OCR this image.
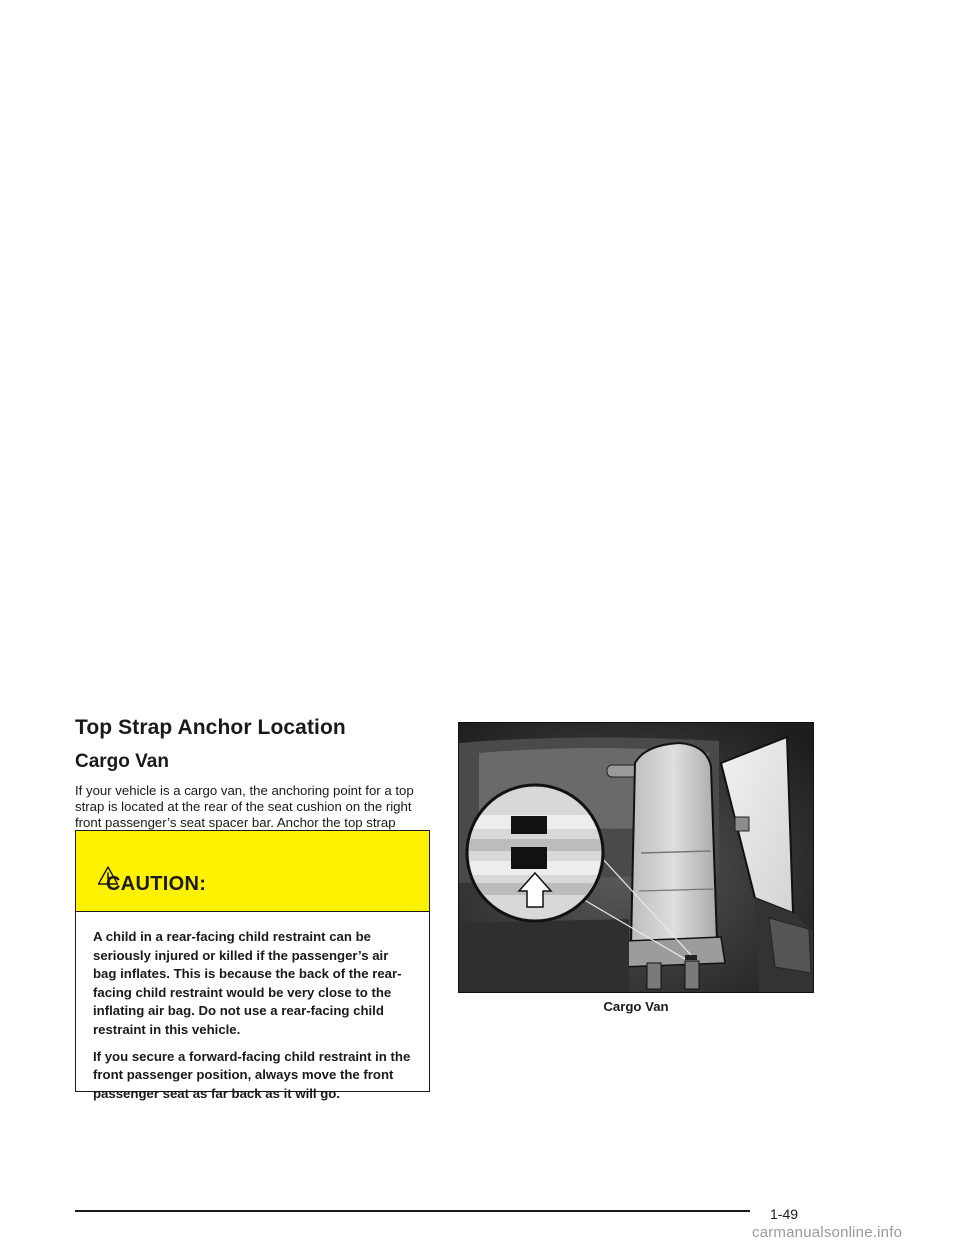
Top Strap Anchor Location
Cargo Van

If your vehicle is a cargo van, the anchoring point for a top strap is located at the rear of the seat cushion on the right front passenger’s seat spacer bar. Anchor the top strap

CAUTION:

A child in a rear-facing child restraint can be seriously injured or killed if the passenger’s air bag inflates. This is because the back of the rear-facing child restraint would be very close to the inflating air bag. Do not use a rear-facing child restraint in this vehicle.

If you secure a forward-facing child restraint in the front passenger position, always move the front passenger seat as far back as it will go.

Cargo Van

1-49

carmanualsonline.info
